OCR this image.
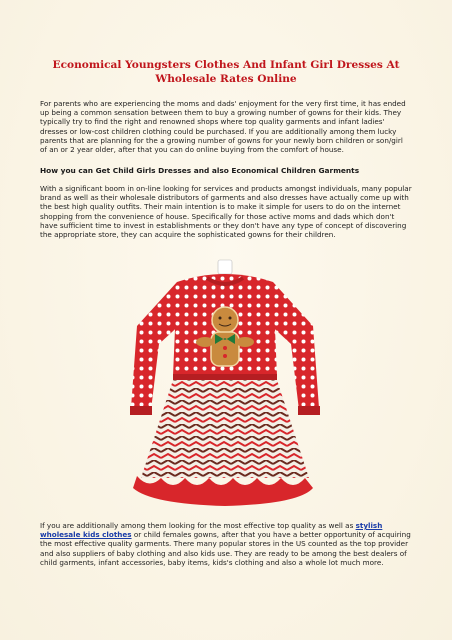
Economical Youngsters Clothes And Infant Girl Dresses At Wholesale Rates Online

For parents who are experiencing the moms and dads' enjoyment for the very first time, it has ended up being a common sensation between them to buy a growing number of gowns for their kids. They typically try to find the right and renowned shops where top quality garments and infant ladies' dresses or low-cost children clothing could be purchased. If you are additionally among them lucky parents that are planning for the a growing number of gowns for your newly born children or son/girl of an or 2 year older, after that you can do online buying from the comfort of house.

How you can Get Child Girls Dresses and also Economical Children Garments

With a significant boom in on-line looking for services and products amongst individuals, many popular brand as well as their wholesale distributors of garments and also dresses have actually come up with the best high quality outfits. Their main intention is to make it simple for users to do on the internet shopping from the convenience of house. Specifically for those active moms and dads which don't have sufficient time to invest in establishments or they don't have any type of concept of discovering the appropriate store, they can acquire the sophisticated gowns for their children.

If you are additionally among them looking for the most effective top quality as well as stylish wholesale kids clothes or child females gowns, after that you have a better opportunity of acquiring the most effective quality garments. There many popular stores in the US counted as the top provider and also suppliers of baby clothing and also kids use. They are ready to be among the best dealers of child garments, infant accessories, baby items, kids's clothing and also a whole lot much more.
